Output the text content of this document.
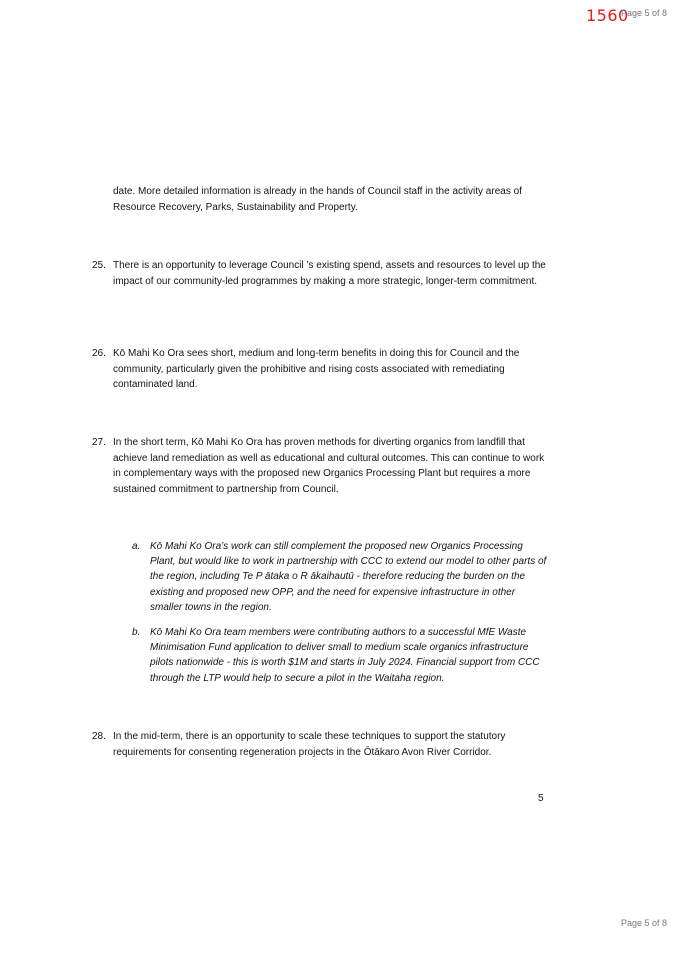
1560
Page 5 of 8
date. More detailed information is already in the hands of Council staff in the activity areas of Resource Recovery, Parks, Sustainability and Property.
25. There is an opportunity to leverage Council ’s existing spend, assets and resources to level up the impact of our community-led programmes by making a more strategic, longer-term commitment.
26. Kō Mahi Ko Ora sees short, medium and long-term benefits in doing this for Council and the community, particularly given the prohibitive and rising costs associated with remediating contaminated land.
27. In the short term, Kō Mahi Ko Ora has proven methods for diverting organics from landfill that achieve land remediation as well as educational and cultural outcomes. This can continue to work in complementary ways with the proposed new Organics Processing Plant but requires a more sustained commitment to partnership from Council.
a. Kō Mahi Ko Ora’s work can still complement the proposed new Organics Processing Plant, but would like to work in partnership with CCC to extend our model to other parts of the region, including Te P ātaka o R ākaihautū - therefore reducing the burden on the existing and proposed new OPP, and the need for expensive infrastructure in other smaller towns in the region.
b. Kō Mahi Ko Ora team members were contributing authors to a successful MfE Waste Minimisation Fund application to deliver small to medium scale organics infrastructure pilots nationwide - this is worth $1M and starts in July 2024. Financial support from CCC through the LTP would help to secure a pilot in the Waitaha region.
28. In the mid-term, there is an opportunity to scale these techniques to support the statutory requirements for consenting regeneration projects in the Ōtākaro Avon River Corridor.
5
Page 5 of 8
